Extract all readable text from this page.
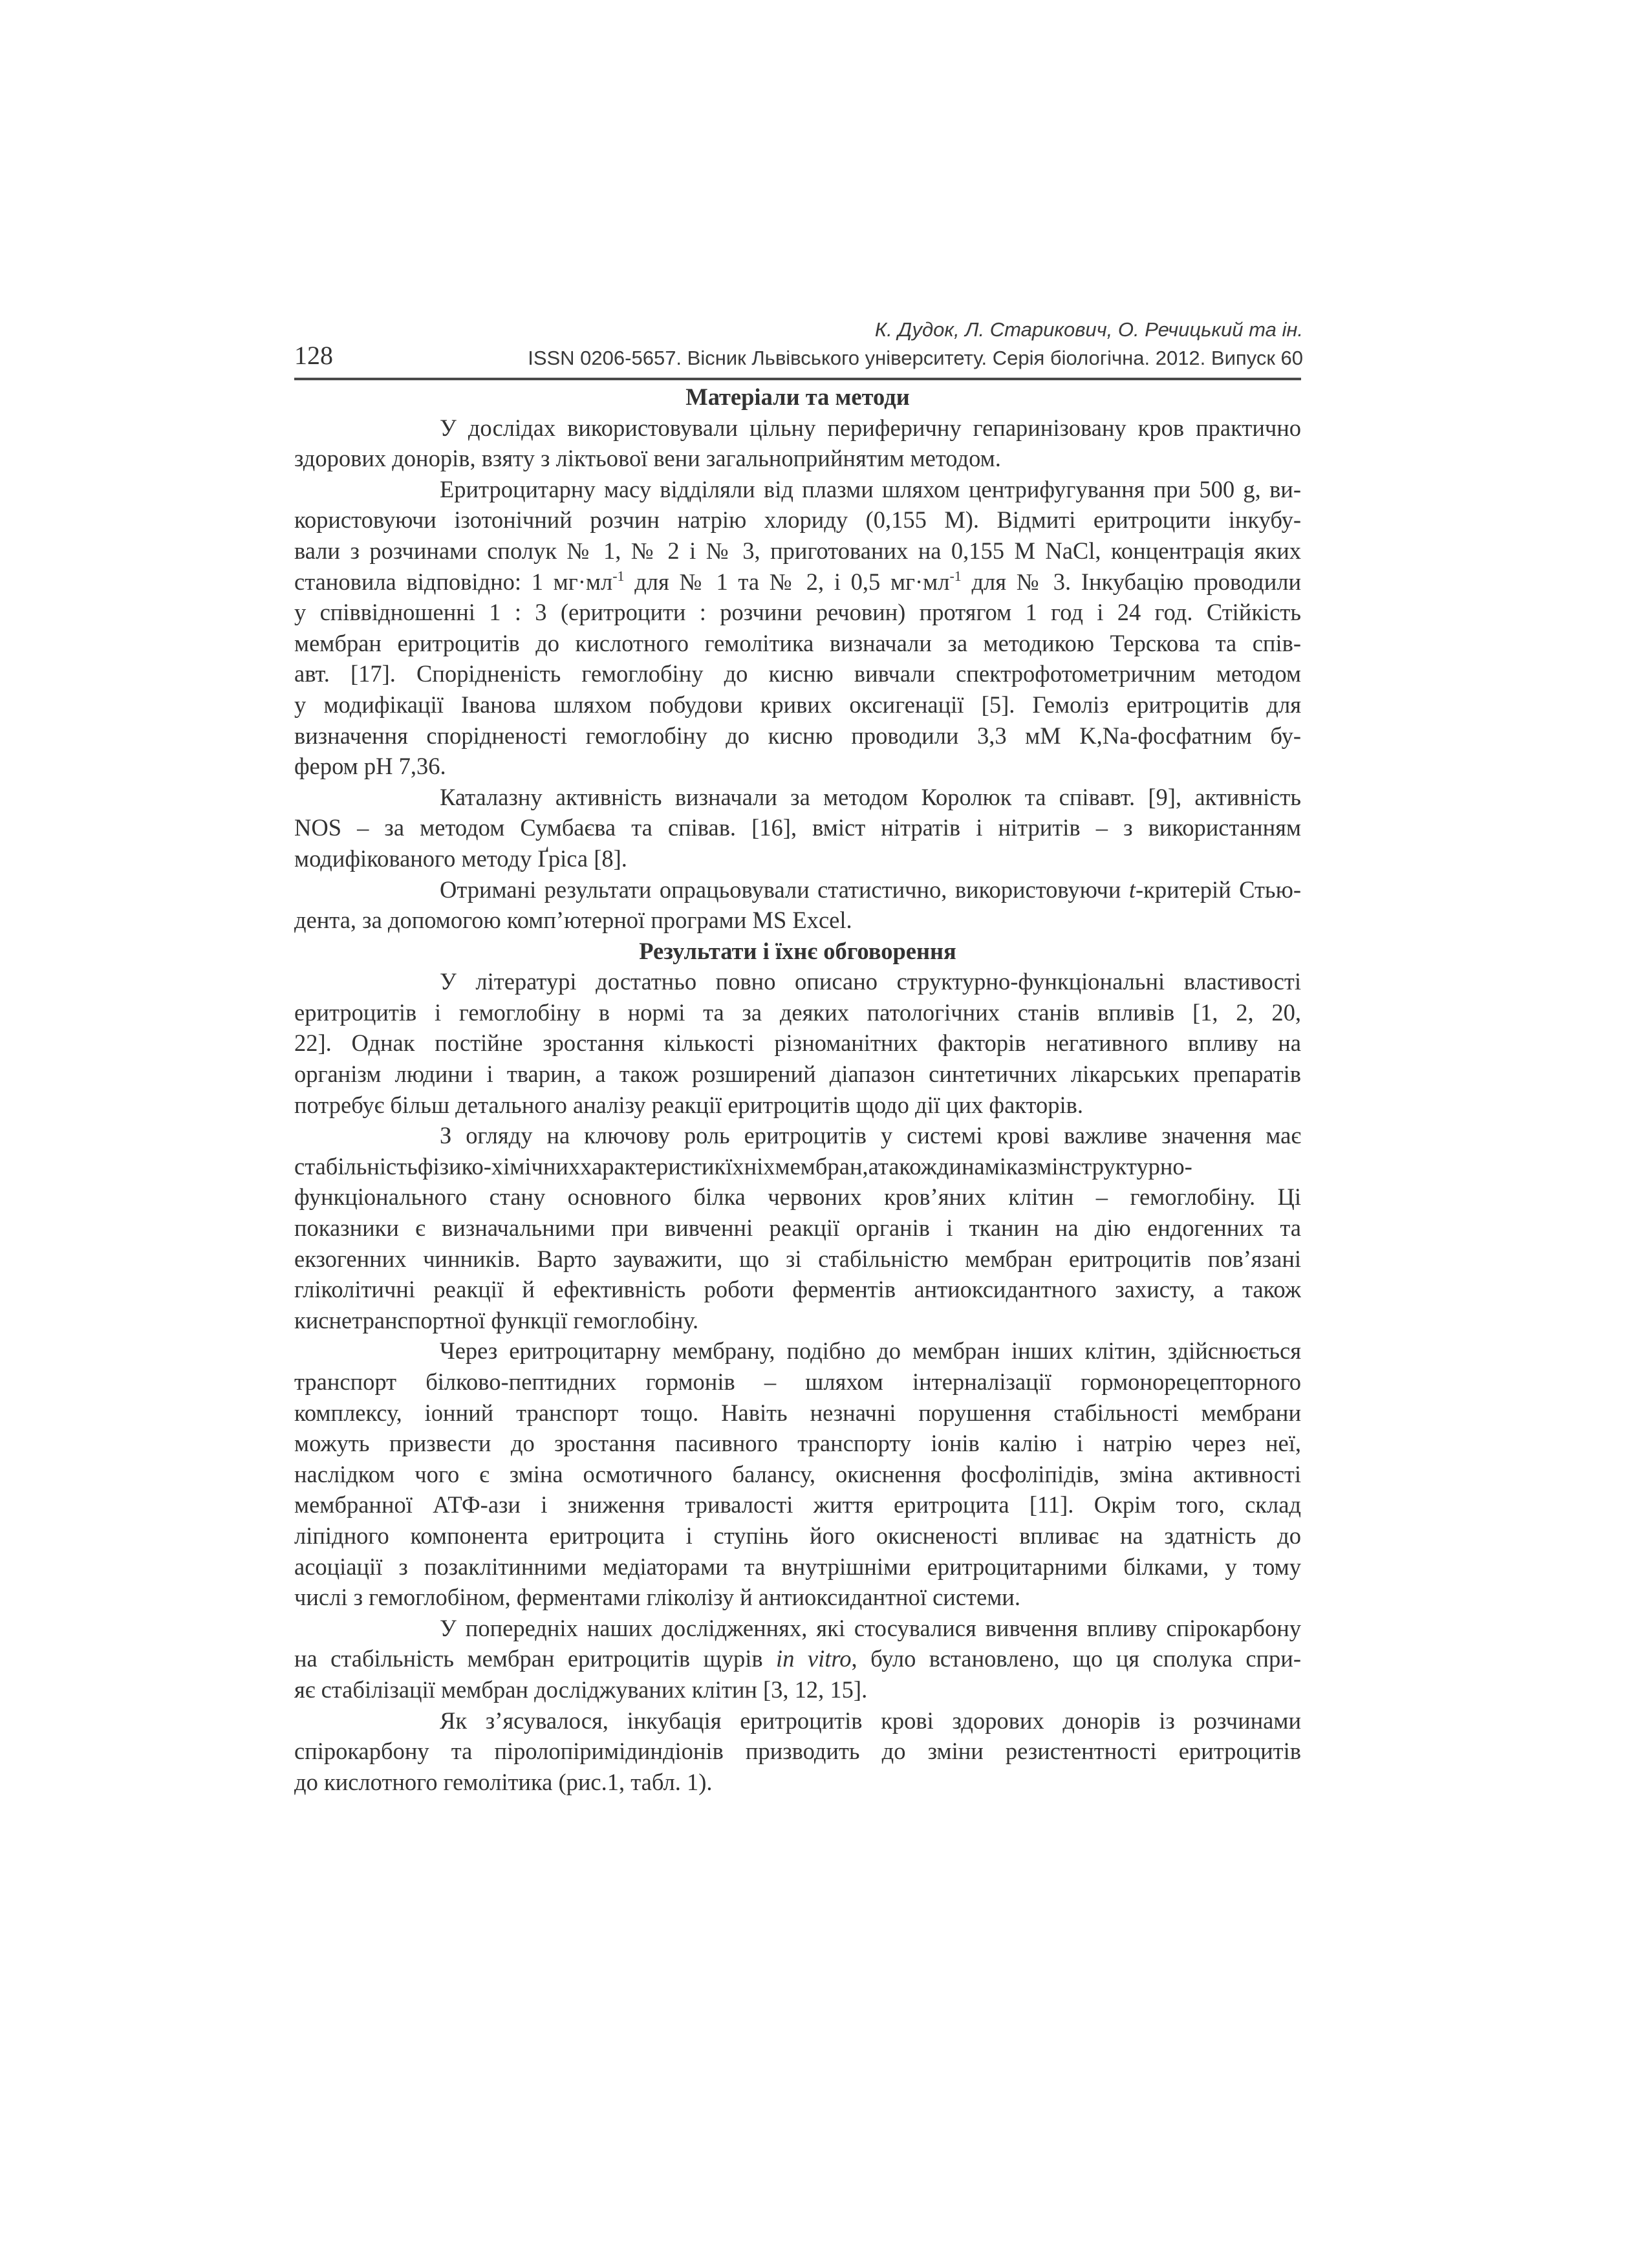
128
К. Дудок, Л. Старикович, О. Речицький та ін.
ISSN 0206-5657. Вісник Львівського університету. Серія біологічна. 2012. Випуск 60
Матеріали та методи
У дослідах використовували цільну периферичну гепаринізовану кров практично
здорових донорів, взяту з ліктьової вени загальноприйнятим методом.
Еритроцитарну масу відділяли від плазми шляхом центрифугування при 500 g, ви-
користовуючи ізотонічний розчин натрію хлориду (0,155 М). Відмиті еритроцити інкубу-
вали з розчинами сполук № 1, № 2 і № 3, приготованих на 0,155 M NaCl, концентрація яких
становила відповідно: 1 $мг\cdot мл^{-1}$ для № 1 та № 2, і 0,5 $мг\cdot мл^{-1}$ для № 3. Інкубацію проводили
у співвідношенні 1 : 3 (еритроцити : розчини речовин) протягом 1 год і 24 год. Стійкість
мембран еритроцитів до кислотного гемолітика визначали за методикою Терскова та спів-
авт. [17]. Спорідненість гемоглобіну до кисню вивчали спектрофотометричним методом
у модифікації Іванова шляхом побудови кривих оксигенації [5]. Гемоліз еритроцитів для
визначення спорідненості гемоглобіну до кисню проводили 3,3 мМ K,Na-фосфатним бу-
фером pH 7,36.
Каталазну активність визначали за методом Королюк та співавт. [9], активність
NOS – за методом Сумбаєва та співав. [16], вміст нітратів і нітритів – з використанням
модифікованого методу Ґріса [8].
Отримані результати опрацьовували статистично, використовуючи t-критерій Стью-
дента, за допомогою комп’ютерної програми MS Excel.
Результати і їхнє обговорення
У літературі достатньо повно описано структурно-функціональні властивості
еритроцитів і гемоглобіну в нормі та за деяких патологічних станів впливів [1, 2, 20,
22]. Однак постійне зростання кількості різноманітних факторів негативного впливу на
організм людини і тварин, а також розширений діапазон синтетичних лікарських препаратів
потребує більш детального аналізу реакції еритроцитів щодо дії цих факторів.
З огляду на ключову роль еритроцитів у системі крові важливе значення має
стабільністьфізико-хімічниххарактеристикїхніхмембран,атакождинаміказмінструктурно-
функціонального стану основного білка червоних кров’яних клітин – гемоглобіну. Ці
показники є визначальними при вивченні реакції органів і тканин на дію ендогенних та
екзогенних чинників. Варто зауважити, що зі стабільністю мембран еритроцитів пов’язані
гліколітичні реакції й ефективність роботи ферментів антиоксидантного захисту, а також
киснетранспортної функції гемоглобіну.
Через еритроцитарну мембрану, подібно до мембран інших клітин, здійснюється
транспорт білково-пептидних гормонів – шляхом інтерналізації гормонорецепторного
комплексу, іонний транспорт тощо. Навіть незначні порушення стабільності мембрани
можуть призвести до зростання пасивного транспорту іонів калію і натрію через неї,
наслідком чого є зміна осмотичного балансу, окиснення фосфоліпідів, зміна активності
мембранної АТФ-ази і зниження тривалості життя еритроцита [11]. Окрім того, склад
ліпідного компонента еритроцита і ступінь його окисненості впливає на здатність до
асоціації з позаклітинними медіаторами та внутрішніми еритроцитарними білками, у тому
числі з гемоглобіном, ферментами гліколізу й антиоксидантної системи.
У попередніх наших дослідженнях, які стосувалися вивчення впливу спірокарбону
на стабільність мембран еритроцитів щурів in vitro, було встановлено, що ця сполука спри-
яє стабілізації мембран досліджуваних клітин [3, 12, 15].
Як з’ясувалося, інкубація еритроцитів крові здорових донорів із розчинами
спірокарбону та піролопіримідиндіонів призводить до зміни резистентності еритроцитів
до кислотного гемолітика (рис.1, табл. 1).
